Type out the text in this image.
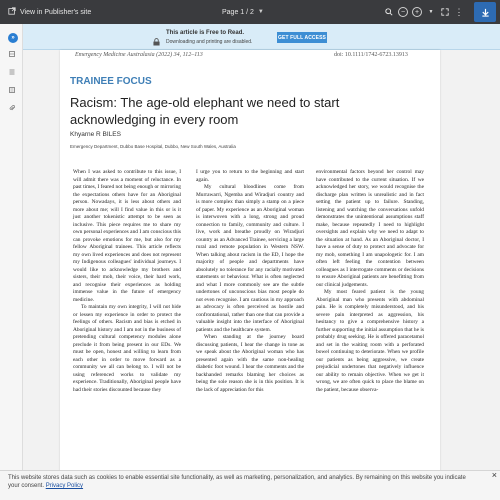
View in Publisher's site	Page 1 / 2 ▼	−	+	▼ ⋮
This article is Free to Read.
Downloading and printing are disabled.
GET FULL ACCESS
»
Emergency Medicine Australasia (2022) 34, 112–113	doi: 10.1111/1742-6723.13913
TRAINEE FOCUS
Racism: The age-old elephant we need to start acknowledging in every room
Khyarne R BILES
Emergency Department, Dubbo Base Hospital, Dubbo, New South Wales, Australia

When I was asked to contribute to this issue, I will admit there was a moment of reluctance. In past times, I feared not being enough or mirroring the expectations others have for an Aboriginal person. Nowadays, it is less about others and more about me; will I find value in this or is it just another tokenistic attempt to be seen as inclusive. This piece requires me to share my own personal experiences and I am conscious this can provoke emotions for me, but also for my fellow Aboriginal trainees. This article reflects my own lived experiences and does not represent my Indigenous colleagues' individual journeys. I would like to acknowledge my brothers and sisters, their mob, their voice, their hard work, and recognise their experiences as holding immense value in the future of emergency medicine.

To maintain my own integrity, I will not hide or lessen my experience in order to protect the feelings of others. Racism and bias is etched in Aboriginal history and I am not in the business of pretending cultural competency modules alone preclude it from being present in our EDs. We must be open, honest and willing to learn from each other in order to move forward as a community we all can belong to. I will not be using referenced works to validate my experience. Traditionally, Aboriginal people have had their stories discounted because they

I urge you to return to the beginning and start again.

My cultural bloodlines come from Murrawarri, Ngemba and Wiradjuri country and is more complex than simply a stamp on a piece of paper. My experience as an Aboriginal woman is interwoven with a long, strong and proud connection to family, community and culture. I live, work and breathe proudly on Wiradjuri country as an Advanced Trainee, servicing a large rural and remote population in Western NSW. When talking about racism in the ED, I hope the majority of people and departments have absolutely no tolerance for any racially motivated statements or behaviour. What is often neglected and what I more commonly see are the subtle undertones of unconscious bias most people do not even recognise. I am cautious in my approach as advocacy is often perceived as hostile and confrontational, rather than one that can provide a valuable insight into the interface of Aboriginal patients and the healthcare system.

When standing at the journey board discussing patients, I hear the change in tone as we speak about the Aboriginal woman who has presented again with the same non-healing diabetic foot wound. I hear the comments and the backhanded remarks blaming her choices as being the sole reason she is in this position. It is the lack of appreciation for this

environmental factors beyond her control may have contributed to the current situation. If we acknowledged her story, we would recognise the discharge plan written is unrealistic and in fact setting the patient up to failure. Standing, listening and watching the conversations unfold demonstrates the unintentional assumptions staff make, because repeatedly I need to highlight oversights and explain why we need to adapt to the situation at hand. As an Aboriginal doctor, I have a sense of duty to protect and advocate for my mob, something I am unapologetic for. I am often left feeling the contention between colleagues as I interrogate comments or decisions to ensure Aboriginal patients are benefitting from our clinical judgements.

My most feared patient is the young Aboriginal man who presents with abdominal pain. He is completely misunderstood, and his severe pain interpreted as aggression, his hesitancy to give a comprehensive history a further supporting the initial assumption that he is probably drug seeking. He is offered paracetamol and set in the waiting room with a perforated bowel continuing to deteriorate. When we profile our patients as being aggressive, we create prejudicial undertones that negatively influence our ability to remain objective. When we get it wrong, we are often quick to place the blame on the patient, because observa-

This website stores data such as cookies to enable essential site functionality, as well as marketing, personalization, and analytics. By remaining on this website you indicate your consent. Privacy Policy
×
